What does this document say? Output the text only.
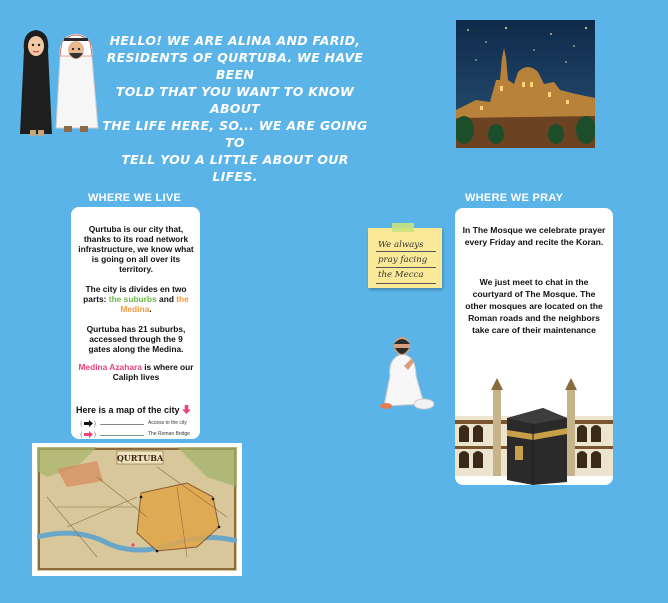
HELLO! WE ARE ALINA AND FARID,
RESIDENTS OF QURTUBA. WE HAVE BEEN
TOLD THAT YOU WANT TO KNOW ABOUT
THE LIFE HERE, SO... WE ARE GOING TO
TELL YOU A LITTLE ABOUT OUR LIFES.
WHERE WE LIVE
Qurtuba is our city that, thanks to its road network infrastructure, we know what is going on all over its territory.
The city is divides en two parts: the suburbs and the Medina.
Qurtuba has 21 suburbs, accessed through the 9 gates along the Medina.
Medina Azahara is where our Caliph lives
Here is a map of the city
( )	Access to the city
( )	The Roman Bridge
QURTUBA
We always
pray facing
the Mecca
WHERE WE PRAY
In The Mosque we celebrate prayer every Friday and recite the Koran.
We just meet to chat in the courtyard of The Mosque. The other mosques are located on the Roman roads and the neighbors take care of their maintenance
